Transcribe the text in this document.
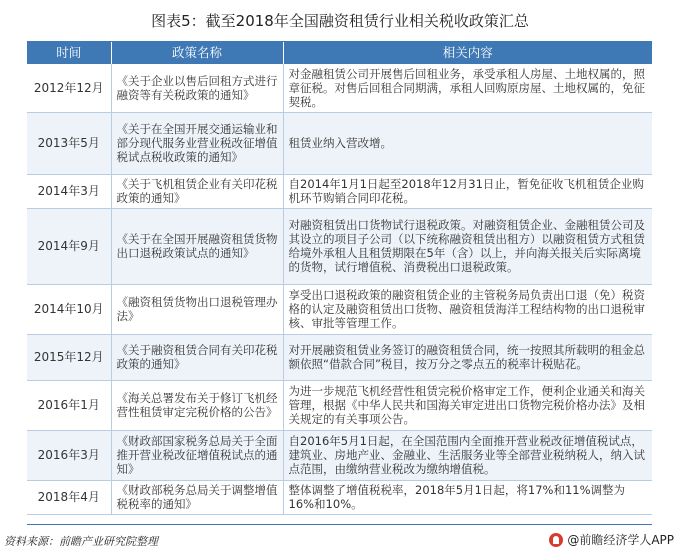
图表5：截至2018年全国融资租赁行业相关税收政策汇总
时间	政策名称	相关内容
2012年12月	《关于企业以售后回租方式进行融资等有关税政策的通知》	对金融租赁公司开展售后回租业务，承受承租人房屋、土地权属的，照章征税。对售后回租合同期满，承租人回购原房屋、土地权属的，免征契税。
2013年5月	《关于在全国开展交通运输业和部分现代服务业营业税改征增值税试点税收政策的通知》	租赁业纳入营改增。
2014年3月	《关于飞机租赁企业有关印花税政策的通知》	自2014年1月1日起至2018年12月31日止，暂免征收飞机租赁企业购机环节购销合同印花税。
2014年9月	《关于在全国开展融资租赁货物出口退税政策试点的通知》	对融资租赁出口货物试行退税政策。对融资租赁企业、金融租赁公司及其设立的项目子公司（以下统称融资租赁出租方）以融资租赁方式租赁给境外承租人且租赁期限在5年（含）以上，并向海关报关后实际离境的货物，试行增值税、消费税出口退税政策。
2014年10月	《融资租赁货物出口退税管理办法》	享受出口退税政策的融资租赁企业的主管税务局负责出口退（免）税资格的认定及融资租赁出口货物、融资租赁海洋工程结构物的出口退税审核、审批等管理工作。
2015年12月	《关于融资租赁合同有关印花税政策的通知》	对开展融资租赁业务签订的融资租赁合同，统一按照其所载明的租金总额依照“借款合同”税目，按万分之零点五的税率计税贴花。
2016年1月	《海关总署发布关于修订飞机经营性租赁审定完税价格的公告》	为进一步规范飞机经营性租赁完税价格审定工作，便利企业通关和海关管理，根据《中华人民共和国海关审定进出口货物完税价格办法》及相关规定的有关事项公告。
2016年3月	《财政部国家税务总局关于全面推开营业税改征增值税试点的通知》	自2016年5月1日起，在全国范围内全面推开营业税改征增值税试点，建筑业、房地产业、金融业、生活服务业等全部营业税纳税人，纳入试点范围，由缴纳营业税改为缴纳增值税。
2018年4月	《财政部税务总局关于调整增值税税率的通知》	整体调整了增值税税率，2018年5月1日起，将17%和11%调整为16%和10%。
资料来源：前瞻产业研究院整理	@前瞻经济学人APP
